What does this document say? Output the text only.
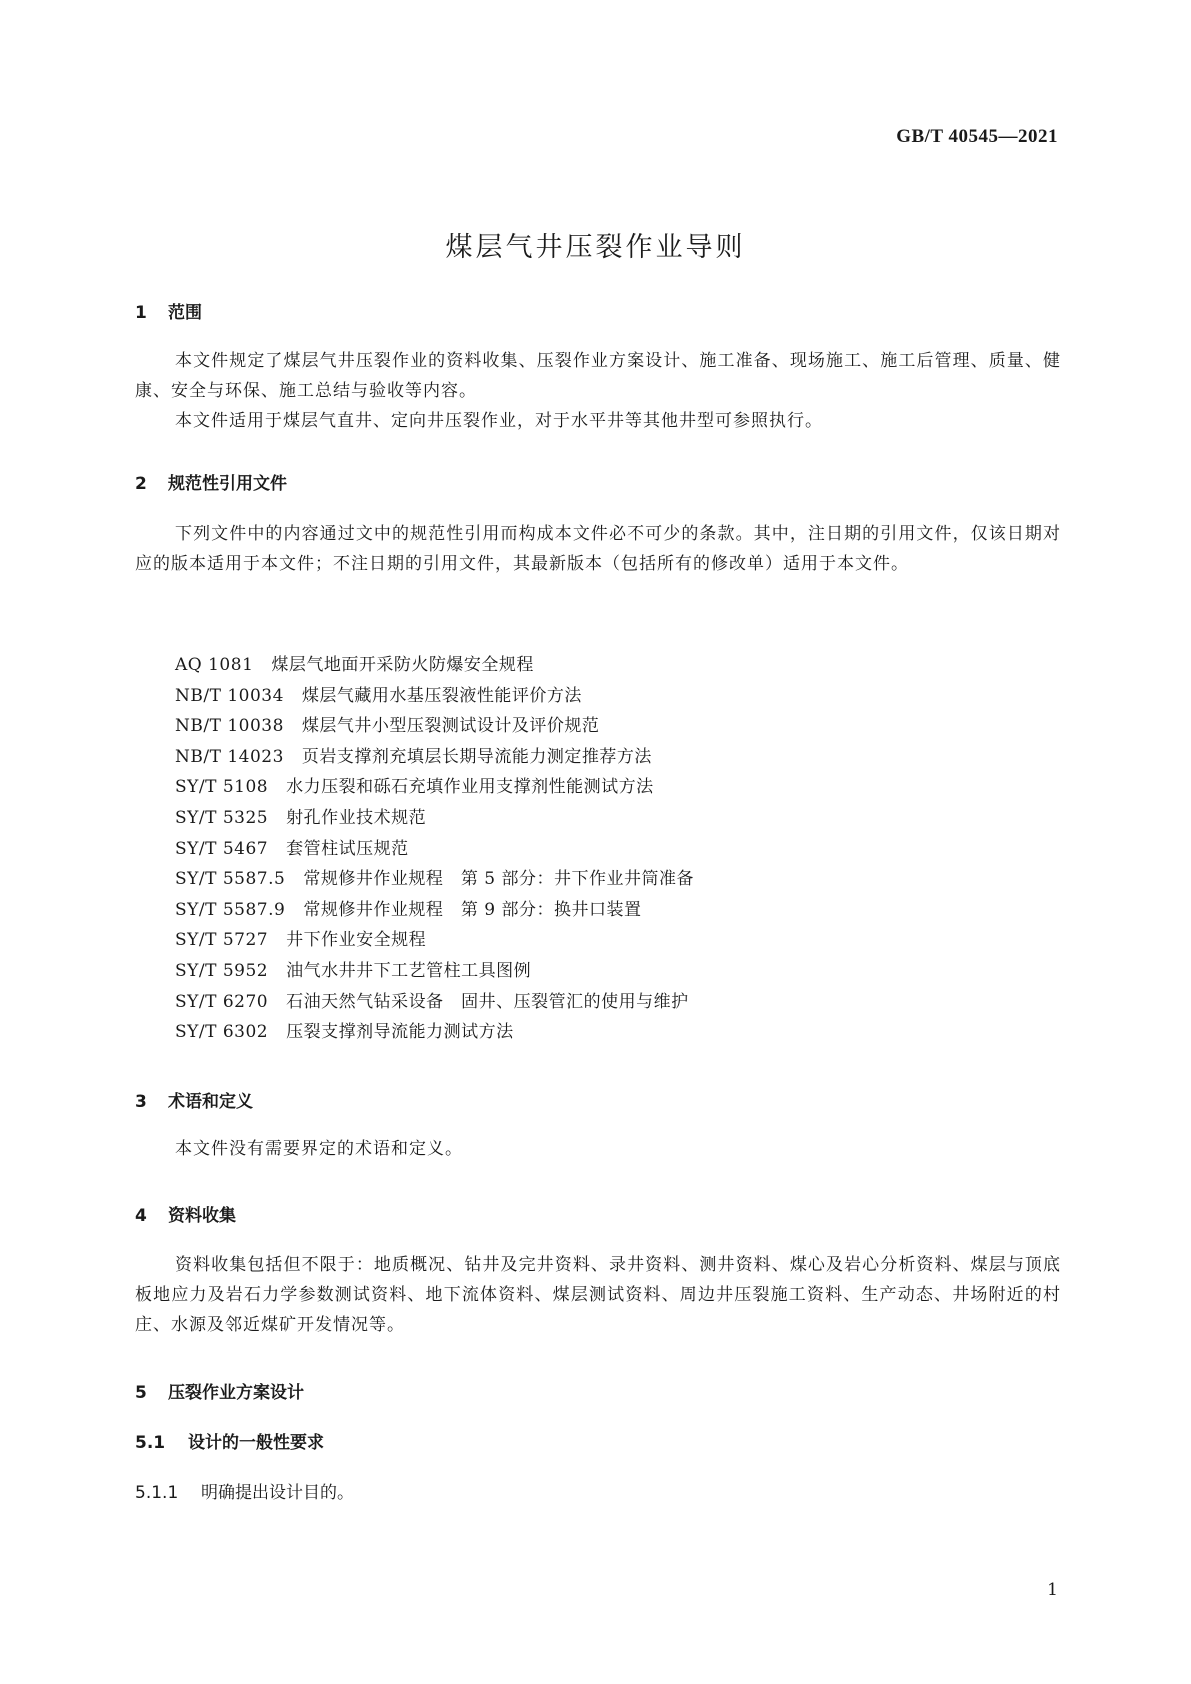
GB/T 40545—2021
煤层气井压裂作业导则
1 范围
本文件规定了煤层气井压裂作业的资料收集、压裂作业方案设计、施工准备、现场施工、施工后管理、质量、健康、安全与环保、施工总结与验收等内容。
本文件适用于煤层气直井、定向井压裂作业，对于水平井等其他井型可参照执行。
2 规范性引用文件
下列文件中的内容通过文中的规范性引用而构成本文件必不可少的条款。其中，注日期的引用文件，仅该日期对应的版本适用于本文件；不注日期的引用文件，其最新版本（包括所有的修改单）适用于本文件。
AQ 1081 煤层气地面开采防火防爆安全规程
NB/T 10034 煤层气藏用水基压裂液性能评价方法
NB/T 10038 煤层气井小型压裂测试设计及评价规范
NB/T 14023 页岩支撑剂充填层长期导流能力测定推荐方法
SY/T 5108 水力压裂和砾石充填作业用支撑剂性能测试方法
SY/T 5325 射孔作业技术规范
SY/T 5467 套管柱试压规范
SY/T 5587.5 常规修井作业规程　第 5 部分：井下作业井筒准备
SY/T 5587.9 常规修井作业规程　第 9 部分：换井口装置
SY/T 5727 井下作业安全规程
SY/T 5952 油气水井井下工艺管柱工具图例
SY/T 6270 石油天然气钻采设备　固井、压裂管汇的使用与维护
SY/T 6302 压裂支撑剂导流能力测试方法
3 术语和定义
本文件没有需要界定的术语和定义。
4 资料收集
资料收集包括但不限于：地质概况、钻井及完井资料、录井资料、测井资料、煤心及岩心分析资料、煤层与顶底板地应力及岩石力学参数测试资料、地下流体资料、煤层测试资料、周边井压裂施工资料、生产动态、井场附近的村庄、水源及邻近煤矿开发情况等。
5 压裂作业方案设计
5.1 设计的一般性要求
5.1.1 明确提出设计目的。
1
